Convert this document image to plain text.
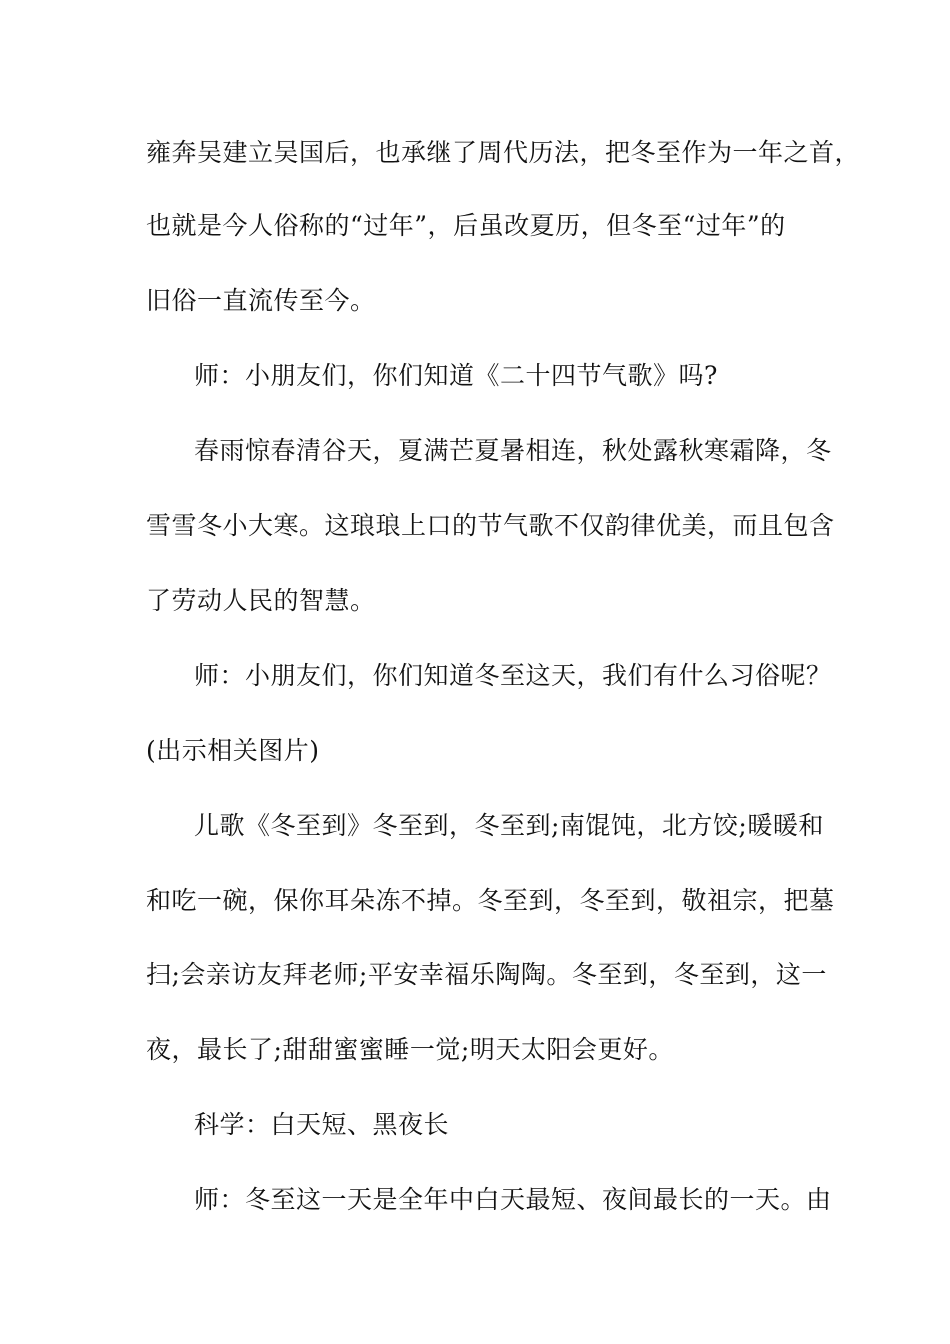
雍奔吴建立吴国后，也承继了周代历法，把冬至作为一年之首，
也就是今人俗称的“过年”，后虽改夏历，但冬至“过年”的
旧俗一直流传至今。
师：小朋友们，你们知道《二十四节气歌》吗?
春雨惊春清谷天，夏满芒夏暑相连，秋处露秋寒霜降，冬
雪雪冬小大寒。这琅琅上口的节气歌不仅韵律优美，而且包含
了劳动人民的智慧。
师：小朋友们，你们知道冬至这天，我们有什么习俗呢？
(出示相关图片)
儿歌《冬至到》冬至到，冬至到;南馄饨，北方饺;暖暖和
和吃一碗，保你耳朵冻不掉。冬至到，冬至到，敬祖宗，把墓
扫;会亲访友拜老师;平安幸福乐陶陶。冬至到，冬至到，这一
夜，最长了;甜甜蜜蜜睡一觉;明天太阳会更好。
科学：白天短、黑夜长
师：冬至这一天是全年中白天最短、夜间最长的一天。由
